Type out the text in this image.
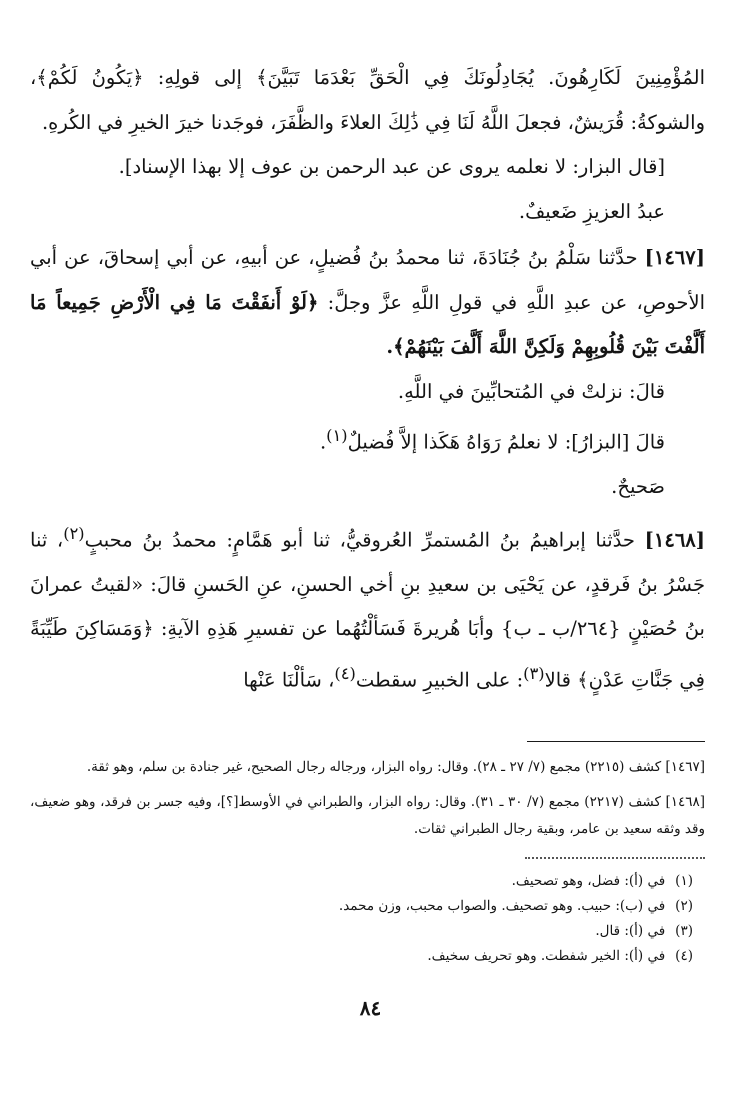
المُؤْمِنِينَ لَكَارِهُونَ. يُجَادِلُونَكَ فِي الْحَقِّ بَعْدَمَا تَبَيَّنَ﴾ إلى قولِهِ: ﴿يَكُونُ لَكُمْ﴾، والشوكةُ: قُرَيشٌ، فجعلَ اللَّهُ لَنَا فِي ذَٰلِكَ العلاءَ والظَّفَرَ، فوجَدنا خيرَ الخيرِ في الكُرهِ.

[قال البزار: لا نعلمه يروى عن عبد الرحمن بن عوف إلا بهذا الإسناد].

عبدُ العزيزِ ضَعيفٌ.

[١٤٦٧] حدَّثنا سَلْمُ بنُ جُنَادَةَ، ثنا محمدُ بنُ فُضيلٍ، عن أبيهِ، عن أبي إسحاقَ، عن أبي الأحوصِ، عن عبدِ اللَّهِ في قولِ اللَّهِ عزَّ وجلَّ: ﴿لَوْ أَنفَقْتَ مَا فِي الْأَرْضِ جَمِيعاً مَا أَلَّفْتَ بَيْنَ قُلُوبِهِمْ وَلَكِنَّ اللَّهَ أَلَّفَ بَيْنَهُمْ﴾.

قالَ: نزلتْ في المُتحابِّينَ في اللَّهِ.

قالَ [البزارُ]: لا نعلمُ رَوَاهُ هَكَذا إلاَّ فُضيلٌ$^{(١)}$.

صَحيحٌ.

[١٤٦٨] حدَّثنا إبراهيمُ بنُ المُستمرِّ العُروقيُّ، ثنا أبو هَمَّامٍ: محمدُ بنُ محببٍ$^{(٢)}$، ثنا جَسْرُ بنُ فَرقدٍ، عن يَحْيَى بن سعيدِ بنِ أخي الحسنِ، عنِ الحَسنِ قالَ: «لقيتُ عمرانَ بنُ حُصَيْنٍ {٢٦٤/ب ـ ب} وأبَا هُريرةَ فَسَألْتُهُما عن تفسيرِ هَذِهِ الآيةِ: ﴿وَمَسَاكِنَ طَيِّبَةً فِي جَنَّاتِ عَدْنٍ﴾ قالا$^{(٣)}$: على الخبيرِ سقطت$^{(٤)}$، سَألْنَا عَنْها

[١٤٦٧] كشف (٢٢١٥) مجمع (٧/ ٢٧ ـ ٢٨). وقال: رواه البزار، ورجاله رجال الصحيح، غير جنادة بن سلم، وهو ثقة.

[١٤٦٨] كشف (٢٢١٧) مجمع (٧/ ٣٠ ـ ٣١). وقال: رواه البزار، والطبراني في الأوسط[؟]، وفيه جسر بن فرقد، وهو ضعيف، وقد وثقه سعيد بن عامر، وبقية رجال الطبراني ثقات.

(١)
في (أ): فضل، وهو تصحيف.
(٢)
في (ب): حبيب. وهو تصحيف. والصواب محبب، وزن محمد.
(٣)
في (أ): قال.
(٤)
في (أ): الخير شفطت. وهو تحريف سخيف.
٨٤
